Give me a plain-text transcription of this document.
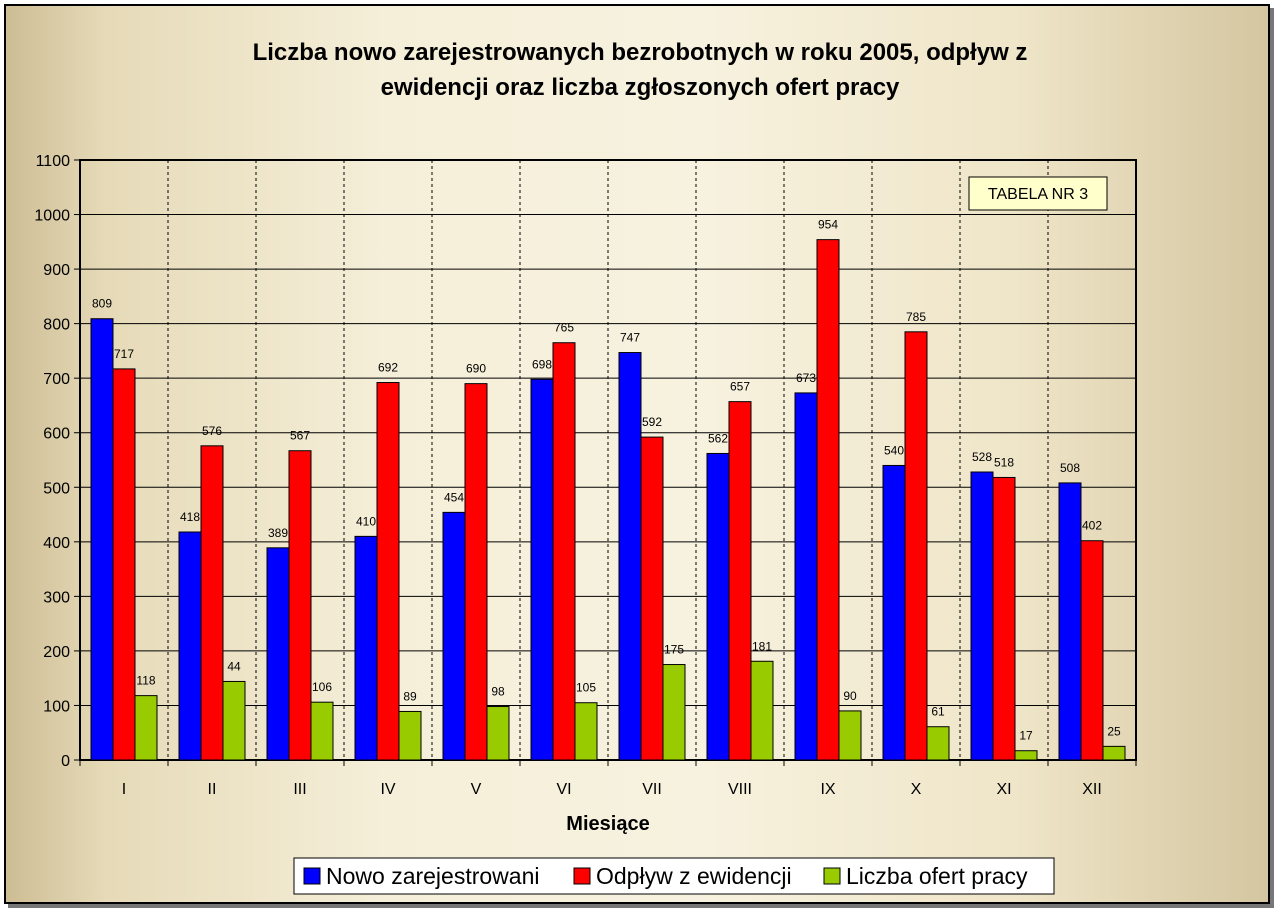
Liczba nowo zarejestrowanych bezrobotnych w roku 2005, odpływ z
ewidencji oraz liczba zgłoszonych ofert pracy
809
717
118
418
576
44
389
567
106
410
692
89
454
690
98
698
765
105
747
592
175
562
657
181
673
954
90
540
785
61
528 518
17
508
402
25
0
100
200
300
400
500
600
700
800
900
1000
1100
I	II	III	IV	V	VI	VII	VIII	IX	X	XI	XII
TABELA NR 3
Miesiące
Nowo zarejestrowani Odpływ z ewidencji Liczba ofert pracy
